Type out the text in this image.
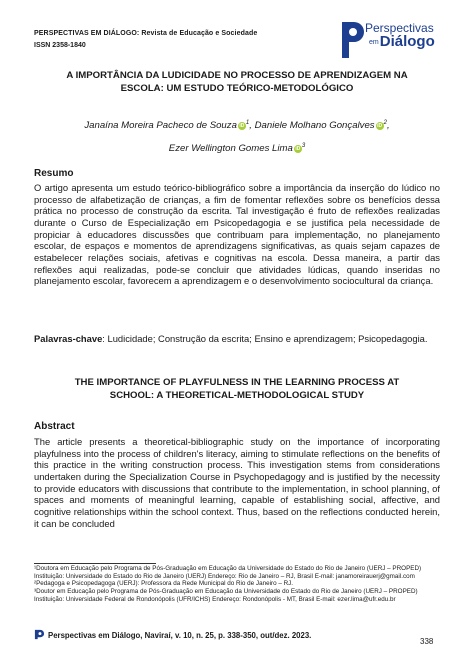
PERSPECTIVAS EM DIÁLOGO: Revista de Educação e Sociedade
ISSN 2358-1840
Perspectivas
emDiálogo
A IMPORTÂNCIA DA LUDICIDADE NO PROCESSO DE APRENDIZAGEM NA
ESCOLA: UM ESTUDO TEÓRICO-METODOLÓGICO
Janaína Moreira Pacheco de Souza iD $^1$, Daniele Molhano Gonçalves iD $^2$,
Ezer Wellington Gomes Lima iD $^3$
Resumo
O artigo apresenta um estudo teórico-bibliográfico sobre a importância da inserção do lúdico no processo de alfabetização de crianças, a fim de fomentar reflexões sobre os benefícios dessa prática no processo de construção da escrita. Tal investigação é fruto de reflexões realizadas durante o Curso de Especialização em Psicopedagogia e se justifica pela necessidade de propiciar à educadores discussões que contribuam para implementação, no planejamento escolar, de espaços e momentos de aprendizagens significativas, as quais sejam capazes de estabelecer relações sociais, afetivas e cognitivas na escola. Dessa maneira, a partir das reflexões aqui realizadas, pode-se concluir que atividades lúdicas, quando inseridas no planejamento escolar, favorecem a aprendizagem e o desenvolvimento sociocultural da criança.
Palavras-chave: Ludicidade; Construção da escrita; Ensino e aprendizagem; Psicopedagogia.
THE IMPORTANCE OF PLAYFULNESS IN THE LEARNING PROCESS AT
SCHOOL: A THEORETICAL-METHODOLOGICAL STUDY
Abstract
The article presents a theoretical-bibliographic study on the importance of incorporating playfulness into the process of children's literacy, aiming to stimulate reflections on the benefits of this practice in the writing construction process. This investigation stems from considerations undertaken during the Specialization Course in Psychopedagogy and is justified by the necessity to provide educators with discussions that contribute to the implementation, in school planning, of spaces and moments of meaningful learning, capable of establishing social, affective, and cognitive relationships within the school context. Thus, based on the reflections conducted herein, it can be concluded
¹Doutora em Educação pelo Programa de Pós-Graduação em Educação da Universidade do Estado do Rio de Janeiro (UERJ – PROPED) Instituição: Universidade do Estado do Rio de Janeiro (UERJ) Endereço: Rio de Janeiro – RJ, Brasil E-mail: janamoreirauerj@gmail.com
²Pedagoga e Psicopedagoga (UERJ): Professora da Rede Municipal do Rio de Janeiro – RJ.
³Doutor em Educação pelo Programa de Pós-Graduação em Educação da Universidade do Estado do Rio de Janeiro (UERJ – PROPED) Instituição: Universidade Federal de Rondonópolis (UFR/ICHS) Endereço: Rondonópolis - MT, Brasil E-mail: ezer.lima@ufr.edu.br
Perspectivas em Diálogo, Naviraí, v. 10, n. 25, p. 338-350, out/dez. 2023.
338
